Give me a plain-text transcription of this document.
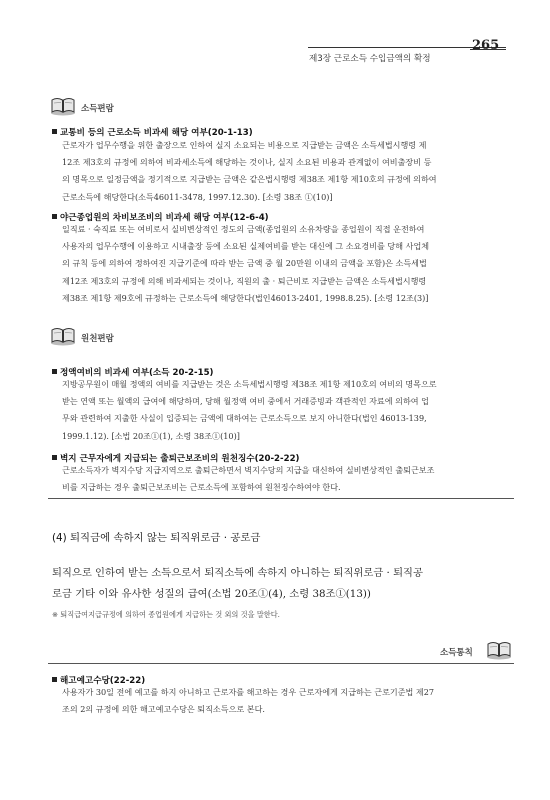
265
제3장 근로소득 수입금액의 확정
소득편람
교통비 등의 근로소득 비과세 해당 여부(20-1-13)
근로자가 업무수행을 위한 출장으로 인하여 실지 소요되는 비용으로 지급받는 금액은 소득세법시행령 제
12조 제3호의 규정에 의하여 비과세소득에 해당하는 것이나, 실지 소요된 비용과 관계없이 여비출장비 등
의 명목으로 일정금액을 정기적으로 지급받는 금액은 같은법시행령 제38조 제1항 제10호의 규정에 의하여
근로소득에 해당한다(소득46011-3478, 1997.12.30). [소령 38조 ①(10)]
야근종업원의 차비보조비의 비과세 해당 여부(12-6-4)
일직료 · 숙직료 또는 여비로서 실비변상적인 정도의 금액(종업원의 소유차량을 종업원이 직접 운전하여
사용자의 업무수행에 이용하고 시내출장 등에 소요된 실제여비를 받는 대신에 그 소요경비를 당해 사업체
의 규칙 등에 의하여 정하여진 지급기준에 따라 받는 금액 중 월 20만원 이내의 금액을 포함)은 소득세법
제12조 제3호의 규정에 의해 비과세되는 것이나, 직원의 출 · 퇴근비로 지급받는 금액은 소득세법시행령
제38조 제1항 제9호에 규정하는 근로소득에 해당한다(법인46013-2401, 1998.8.25). [소령 12조(3)]
원천편람
정액여비의 비과세 여부(소득 20-2-15)
지방공무원이 매월 정액의 여비를 지급받는 것은 소득세법시행령 제38조 제1항 제10호의 여비의 명목으로
받는 연액 또는 월액의 급여에 해당하며, 당해 월정액 여비 중에서 거래증빙과 객관적인 자료에 의하여 업
무와 관련하여 지출한 사실이 입증되는 금액에 대하여는 근로소득으로 보지 아니한다(법인 46013-139,
1999.1.12). [소법 20조①(1), 소령 38조①(10)]
벽지 근무자에게 지급되는 출퇴근보조비의 원천징수(20-2-22)
근로소득자가 벽지수당 지급지역으로 출퇴근하면서 벽지수당의 지급을 대신하여 실비변상적인 출퇴근보조
비를 지급하는 경우 출퇴근보조비는 근로소득에 포함하여 원천징수하여야 한다.
(4) 퇴직금에 속하지 않는 퇴직위로금 · 공로금
퇴직으로 인하여 받는 소득으로서 퇴직소득에 속하지 아니하는 퇴직위로금 · 퇴직공
로금 기타 이와 유사한 성질의 급여(소법 20조①(4), 소령 38조①(13))
※ 퇴직급여지급규정에 의하여 종업원에게 지급하는 것 외의 것을 말한다.
소득통칙
해고예고수당(22-22)
사용자가 30일 전에 예고를 하지 아니하고 근로자를 해고하는 경우 근로자에게 지급하는 근로기준법 제27
조의 2의 규정에 의한 해고예고수당은 퇴직소득으로 본다.
